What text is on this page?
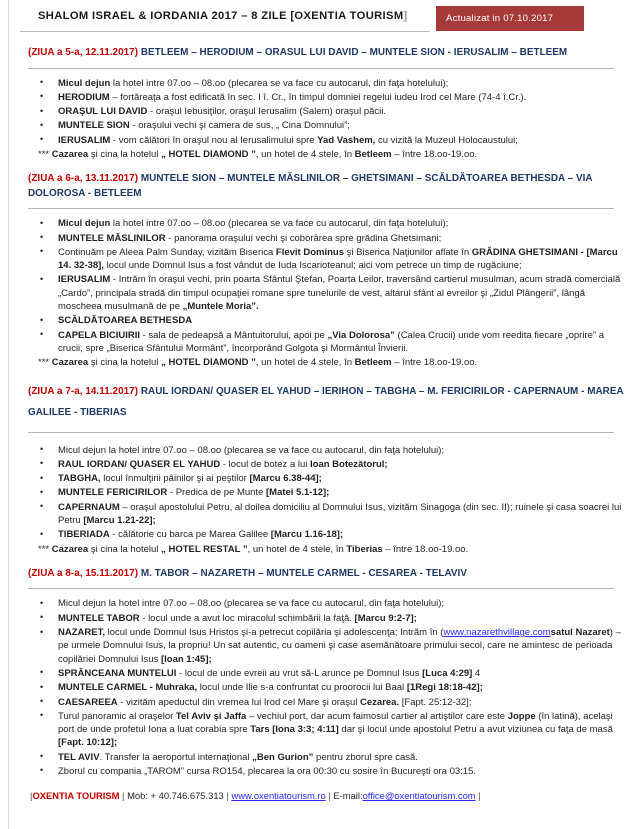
SHALOM ISRAEL & IORDANIA 2017 – 8 ZILE [OXENTIA TOURISM]	Actualizat in 07.10.2017
(ZIUA a 5-a, 12.11.2017) BETLEEM – HERODIUM – ORASUL LUI DAVID – MUNTELE SION - IERUSALIM – BETLEEM
• Micul dejun la hotel intre 07.oo – 08.oo (plecarea se va face cu autocarul, din faţa hotelului);
• HERODIUM – fortăreaţa a fost edificată în sec. I î. Cr., în timpul domniei regelui iudeu Irod cel Mare (74-4 î.Cr.).
• ORAŞUL LUI DAVID - oraşul Iebusiţilor, oraşul Ierusalim (Salem) oraşul păcii.
• MUNTELE SION - oraşului vechi şi camera de sus, „ Cina Domnului”;
• IERUSALIM - vom călători în oraşul nou al Ierusalimului spre Yad Vashem, cu vizită la Muzeul Holocaustului;
*** Cazarea şi cina la hotelul „ HOTEL DIAMOND ”, un hotel de 4 stele, în Betleem – între 18.oo-19.oo.
(ZIUA a 6-a, 13.11.2017) MUNTELE SION – MUNTELE MĂSLINILOR – GHETSIMANI – SCĂLDĂTOAREA BETHESDA – VIA DOLOROSA - BETLEEM
• Micul dejun la hotel intre 07.oo – 08.oo (plecarea se va face cu autocarul, din faţa hotelului);
• MUNTELE MĂSLINILOR - panorama oraşului vechi şi coborârea spre grădina Ghetsimani;
• Continuăm pe Aleea Palm Sunday, vizităm Biserica Flevit Dominus şi Biserica Naţiunilor aflate în GRĂDINA GHETSIMANI - [Marcu 14. 32-38], locul unde Domnul Isus a fost vândut de Iuda Iscarioteanul; aici vom petrece un timp de rugăciune;
• IERUSALIM - Intrăm în oraşul vechi, prin poarta Sfântul Ştefan, Poarta Leilor, traversând cartierul musulman, acum stradă comercială „Cardo”, principala stradă din timpul ocupaţiei romane spre tunelurile de vest, altarul sfânt al evreilor şi „Zidul Plângerii”, lângă moscheea musulmană de pe „Muntele Moria”.
• SCĂLDĂTOAREA BETHESDA
• CAPELA BICIUIRII - sala de pedeapsă a Mântuitorului, apoi pe „Via Dolorosa” (Calea Crucii) unde vom reedita fiecare „oprire” a crucii, spre „Biserica Sfântului Mormânt”, încorporând Golgota şi Mormântul Învierii.
*** Cazarea şi cina la hotelul „ HOTEL DIAMOND ”, un hotel de 4 stele, în Betleem – între 18.oo-19.oo.
(ZIUA a 7-a, 14.11.2017) RAUL IORDAN/ QUASER EL YAHUD – IERIHON – TABGHA – M. FERICIRILOR - CAPERNAUM - MAREA GALILEE - TIBERIAS
• Micul dejun la hotel intre 07.oo – 08.oo (plecarea se va face cu autocarul, din faţa hotelului);
• RAUL IORDAN/ QUASER EL YAHUD - locul de botez a lui Ioan Botezătorul;
• TABGHA, locul înmulţirii pâinilor şi ai peştilor [Marcu 6.38-44];
• MUNTELE FERICIRILOR - Predica de pe Munte [Matei 5.1-12];
• CAPERNAUM – oraşul apostolului Petru, al doilea domiciliu al Domnului Isus, vizităm Sinagoga (din sec. II); ruinele şi casa soacrei lui Petru [Marcu 1.21-22];
• TIBERIADA - călătorie cu barca pe Marea Galilee [Marcu 1.16-18];
*** Cazarea şi cina la hotelul „ HOTEL RESTAL ”, un hotel de 4 stele, în Tiberias – între 18.oo-19.oo.
(ZIUA a 8-a, 15.11.2017) M. TABOR – NAZARETH – MUNTELE CARMEL - CESAREA - TELAVIV
• Micul dejun la hotel intre 07.oo – 08.oo (plecarea se va face cu autocarul, din faţa hotelului);
• MUNTELE TABOR - locul unde a avut loc miracolul schimbării la faţă. [Marcu 9:2-7];
• NAZARET, locul unde Domnul Isus Hristos şi-a petrecut copilăria şi adolescenţa; Intrăm în (www.nazarethvillage.comsatul Nazaret) – pe urmele Domnului Isus, la propriu! Un sat autentic, cu oameni şi case asemănătoare primului secol, care ne amintesc de perioada copilăriei Domnului Isus [Ioan 1:45];
• SPRÂNCEANA MUNTELUI - locul de unde evreii au vrut să-L arunce pe Domnul Isus [Luca 4:29] 4
• MUNTELE CARMEL - Muhraka, locul unde Ilie s-a confruntat cu proorocii lui Baal [1Regi 18:18-42];
• CAESAREEA - vizităm apeductul din vremea lui Irod cel Mare şi oraşul Cezarea. [Fapt. 25:12-32];
• Turul panoramic al oraşelor Tel Aviv şi Jaffa – vechiul port, dar acum faimosul cartier al artiştilor care este Joppe (în latină), acelaşi port de unde profetul Iona a luat corabia spre Tars [Iona 3:3; 4:11] dar şi locul unde apostolul Petru a avut viziunea cu faţa de masă [Fapt. 10:12];
• TEL AVIV. Transfer la aeroportul internaţional „Ben Gurion” pentru zborul spre casă.
• Zborul cu compania „TAROM” cursa RO154, plecarea la ora 00:30 cu sosire în Bucureşti ora 03:15.
|OXENTIA TOURISM | Mob: + 40.746.675.313 | www.oxentiatourism.ro | E-mail:office@oxentiatourism.com |
